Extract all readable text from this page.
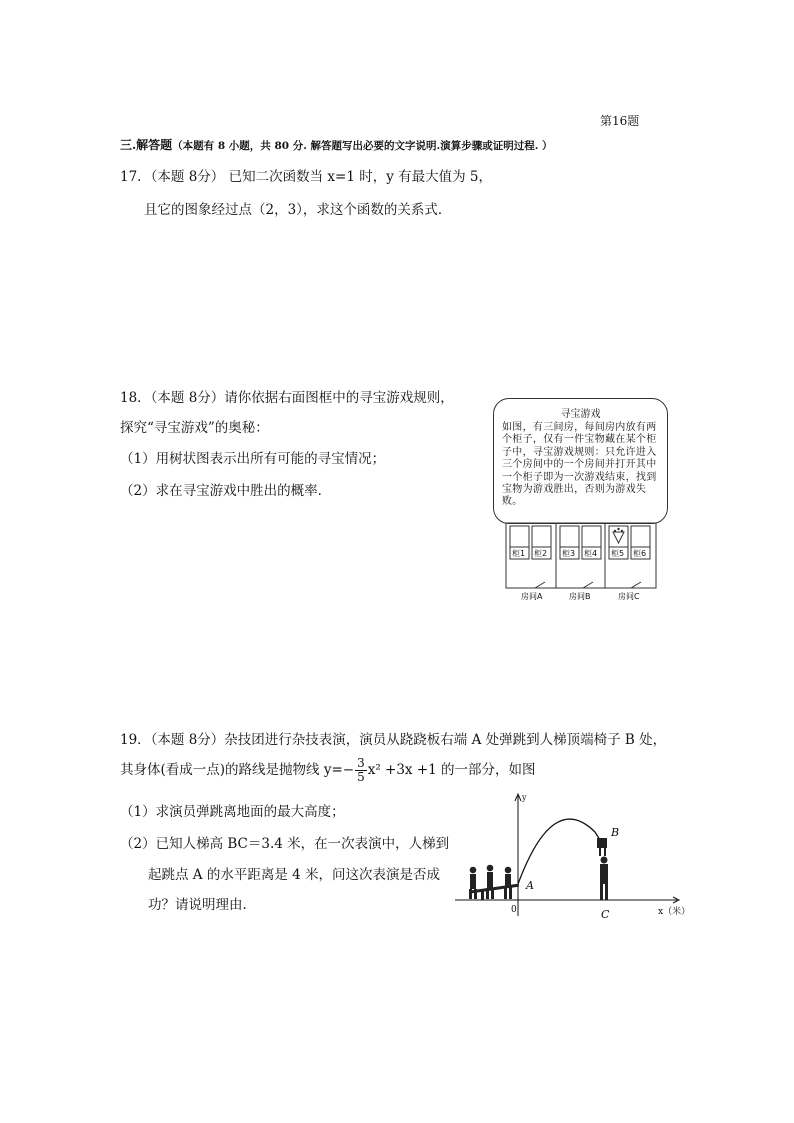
第16题
三.解答题（本题有 8 小题，共 80 分. 解答题写出必要的文字说明.演算步骤或证明过程. ）
17．（本题 8分） 已知二次函数当 x=1 时，y 有最大值为 5，
且它的图象经过点（2，3），求这个函数的关系式．
18．（本题 8分）请你依据右面图框中的寻宝游戏规则，
探究“寻宝游戏”的奥秘：
（1）用树状图表示出所有可能的寻宝情况；
（2）求在寻宝游戏中胜出的概率．
寻宝游戏
如图，有三间房，每间房内放有两个柜子，仅有一件宝物藏在某个柜子中，寻宝游戏规则：只允许进入三个房间中的一个房间并打开其中一个柜子即为一次游戏结束，找到宝物为游戏胜出，否则为游戏失败。
柜1 柜2 柜3 柜4 柜5 柜6
房间A	房间B	房间C
19．（本题 8分）杂技团进行杂技表演，演员从跷跷板右端 A 处弹跳到人梯顶端椅子 B 处，
其身体(看成一点)的路线是抛物线 $y=- \frac{3}{5} x^2 +3x +1$ 的一部分，如图
（1）求演员弹跳离地面的最大高度；
（2）已知人梯高 BC＝3.4 米，在一次表演中，人梯到
起跳点 A 的水平距离是 4 米，问这次表演是否成
功？请说明理由.
y
A
B
C
0	x（米）
